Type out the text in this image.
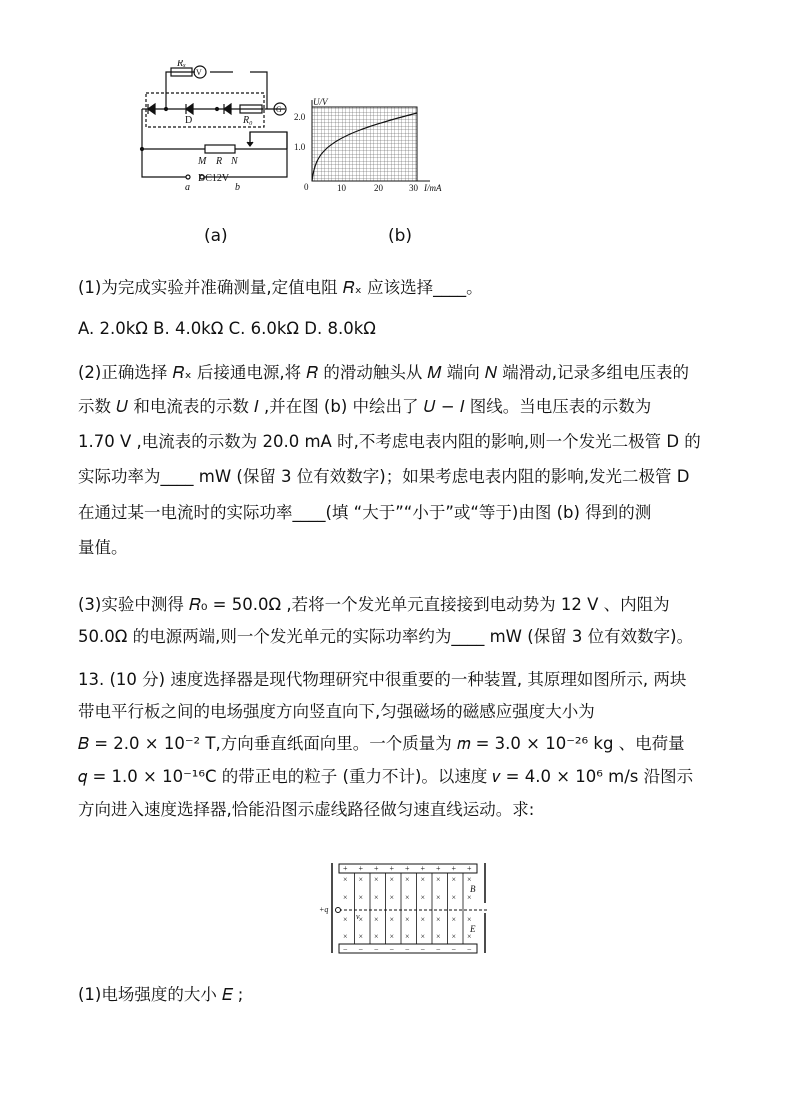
Rₓ
V
G
D	R₀
M R N
DC12V
a	b
U/V
2.0
1.0
0	10	20	30 I/mA
(a)	(b)
(1)为完成实验并准确测量,定值电阻 𝑅ₓ 应该选择____。
A. 2.0kΩ B. 4.0kΩ C. 6.0kΩ D. 8.0kΩ
(2)正确选择 𝑅ₓ 后接通电源,将 𝑅 的滑动触头从 𝑀 端向 𝑁 端滑动,记录多组电压表的
示数 𝑈 和电流表的示数 𝐼 ,并在图 (b) 中绘出了 𝑈 − 𝐼 图线。当电压表的示数为
1.70 V ,电流表的示数为 20.0 mA 时,不考虑电表内阻的影响,则一个发光二极管 D 的
实际功率为____ mW (保留 3 位有效数字)；如果考虑电表内阻的影响,发光二极管 D
在通过某一电流时的实际功率____(填 “大于”“小于”或“等于)由图 (b) 得到的测
量值。
(3)实验中测得 𝑅₀ = 50.0Ω ,若将一个发光单元直接接到电动势为 12 V 、内阻为
50.0Ω 的电源两端,则一个发光单元的实际功率约为____ mW (保留 3 位有效数字)。
13. (10 分) 速度选择器是现代物理研究中很重要的一种装置, 其原理如图所示, 两块
带电平行板之间的电场强度方向竖直向下,匀强磁场的磁感应强度大小为
𝐵 = 2.0 × 10⁻² T,方向垂直纸面向里。一个质量为 𝑚 = 3.0 × 10⁻²⁶ kg 、电荷量
𝑞 = 1.0 × 10⁻¹⁶C 的带正电的粒子 (重力不计)。以速度 𝑣 = 4.0 × 10⁶ m/s 沿图示
方向进入速度选择器,恰能沿图示虚线路径做匀速直线运动。求:
(1)电场强度的大小 𝐸 ;
+
−
×
×
×
×
+
−
×
×
×
×
+
−
×
×
×
×
+
−
×
×
×
×
+
−
×
×
×
×
+
−
×
×
×
×
+
−
×
×
×
×
+
−
×
×
×
×
+
−
×
×
×
×
+q
v
B
E
